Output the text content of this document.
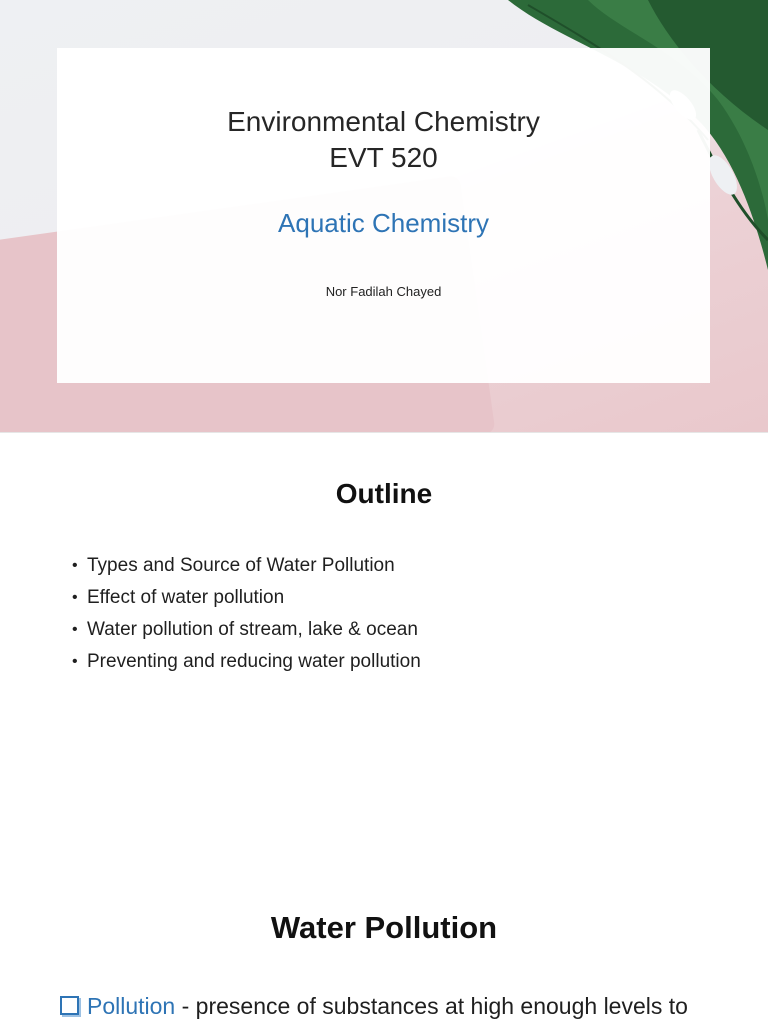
Environmental Chemistry
EVT 520
Aquatic Chemistry
Nor Fadilah Chayed
Outline
• Types and Source of Water Pollution
• Effect of water pollution
• Water pollution of stream, lake & ocean
• Preventing and reducing water pollution
Water Pollution
Pollution - presence of substances at high enough levels to
